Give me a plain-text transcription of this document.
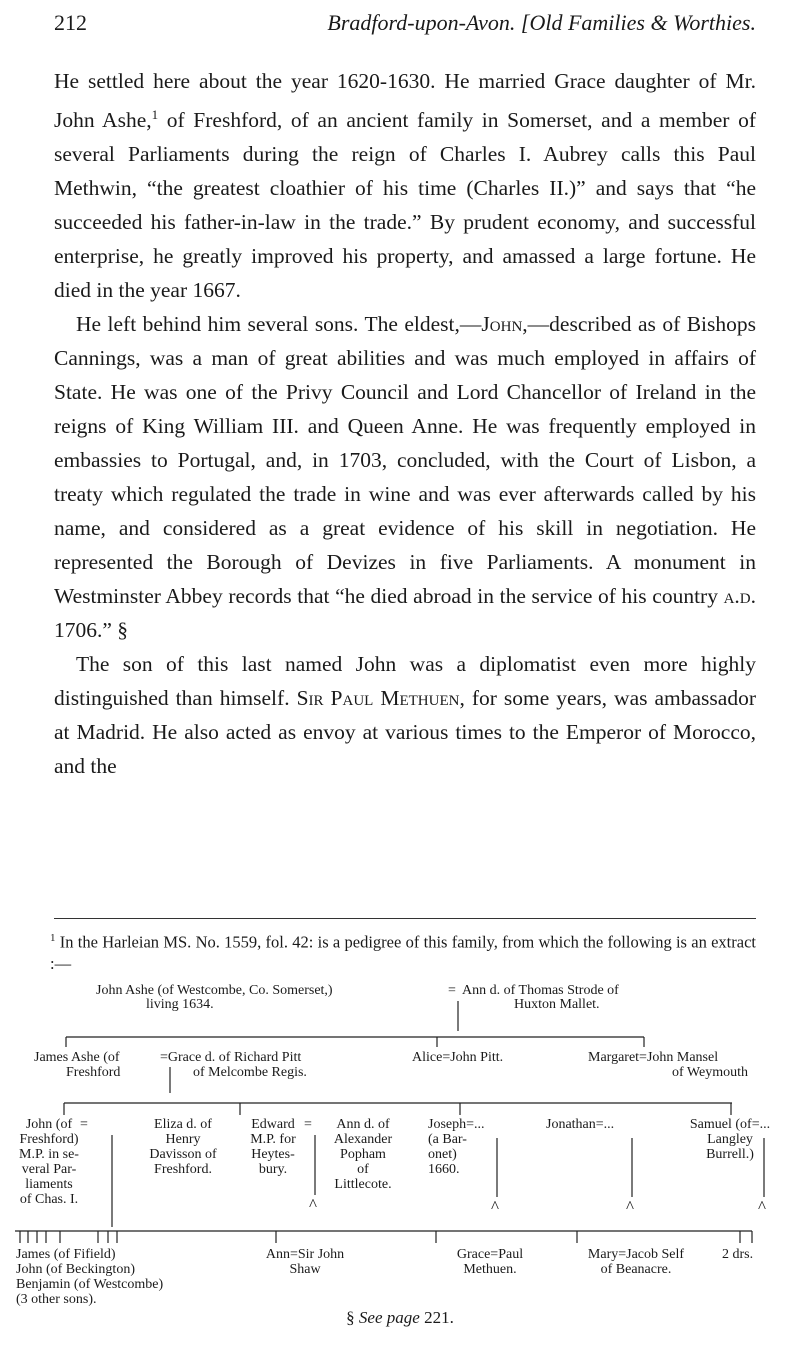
212	Bradford-upon-Avon. [Old Families & Worthies.

He settled here about the year 1620-1630. He married Grace daughter of Mr. John Ashe,$^1$ of Freshford, of an ancient family in Somerset, and a member of several Parliaments during the reign of Charles I. Aubrey calls this Paul Methwin, “the greatest cloathier of his time (Charles II.)” and says that “he succeeded his father-in-law in the trade.” By prudent economy, and successful enterprise, he greatly improved his property, and amassed a large fortune. He died in the year 1667.

He left behind him several sons. The eldest,—John,—described as of Bishops Cannings, was a man of great abilities and was much employed in affairs of State. He was one of the Privy Council and Lord Chancellor of Ireland in the reigns of King William III. and Queen Anne. He was frequently employed in embassies to Portugal, and, in 1703, concluded, with the Court of Lisbon, a treaty which regulated the trade in wine and was ever afterwards called by his name, and considered as a great evidence of his skill in negotiation. He represented the Borough of Devizes in five Parliaments. A monument in Westminster Abbey records that “he died abroad in the service of his country a.d. 1706.” §

The son of this last named John was a diplomatist even more highly distinguished than himself. Sir Paul Methuen, for some years, was ambassador at Madrid. He also acted as envoy at various times to the Emperor of Morocco, and the

$^1$ In the Harleian MS. No. 1559, fol. 42: is a pedigree of this family, from which the following is an extract :—
John Ashe (of Westcombe, Co. Somerset,)
living 1634.
= Ann d. of Thomas Strode of
Huxton Mallet.
James Ashe (of
Freshford
=Grace d. of Richard Pitt
of Melcombe Regis.
Alice=John Pitt.	Margaret=John Mansel
of Weymouth
John (of
Freshford)
M.P. in se-
veral Par-
liaments
of Chas. I.
=	Eliza d. of
Henry
Davisson of
Freshford.
Edward
M.P. for
Heytes-
bury.
=	Ann d. of
Alexander
Popham
of
Littlecote.
Joseph=...
(a Bar-
onet)
1660.
Jonathan=...	Samuel (of=...
Langley
Burrell.)
^	^	^	^
James (of Fifield)
John (of Beckington)
Benjamin (of Westcombe)
(3 other sons).
Ann=Sir John
Shaw
Grace=Paul
Methuen.
Mary=Jacob Self
of Beanacre.
2 drs.
§ See page 221.
